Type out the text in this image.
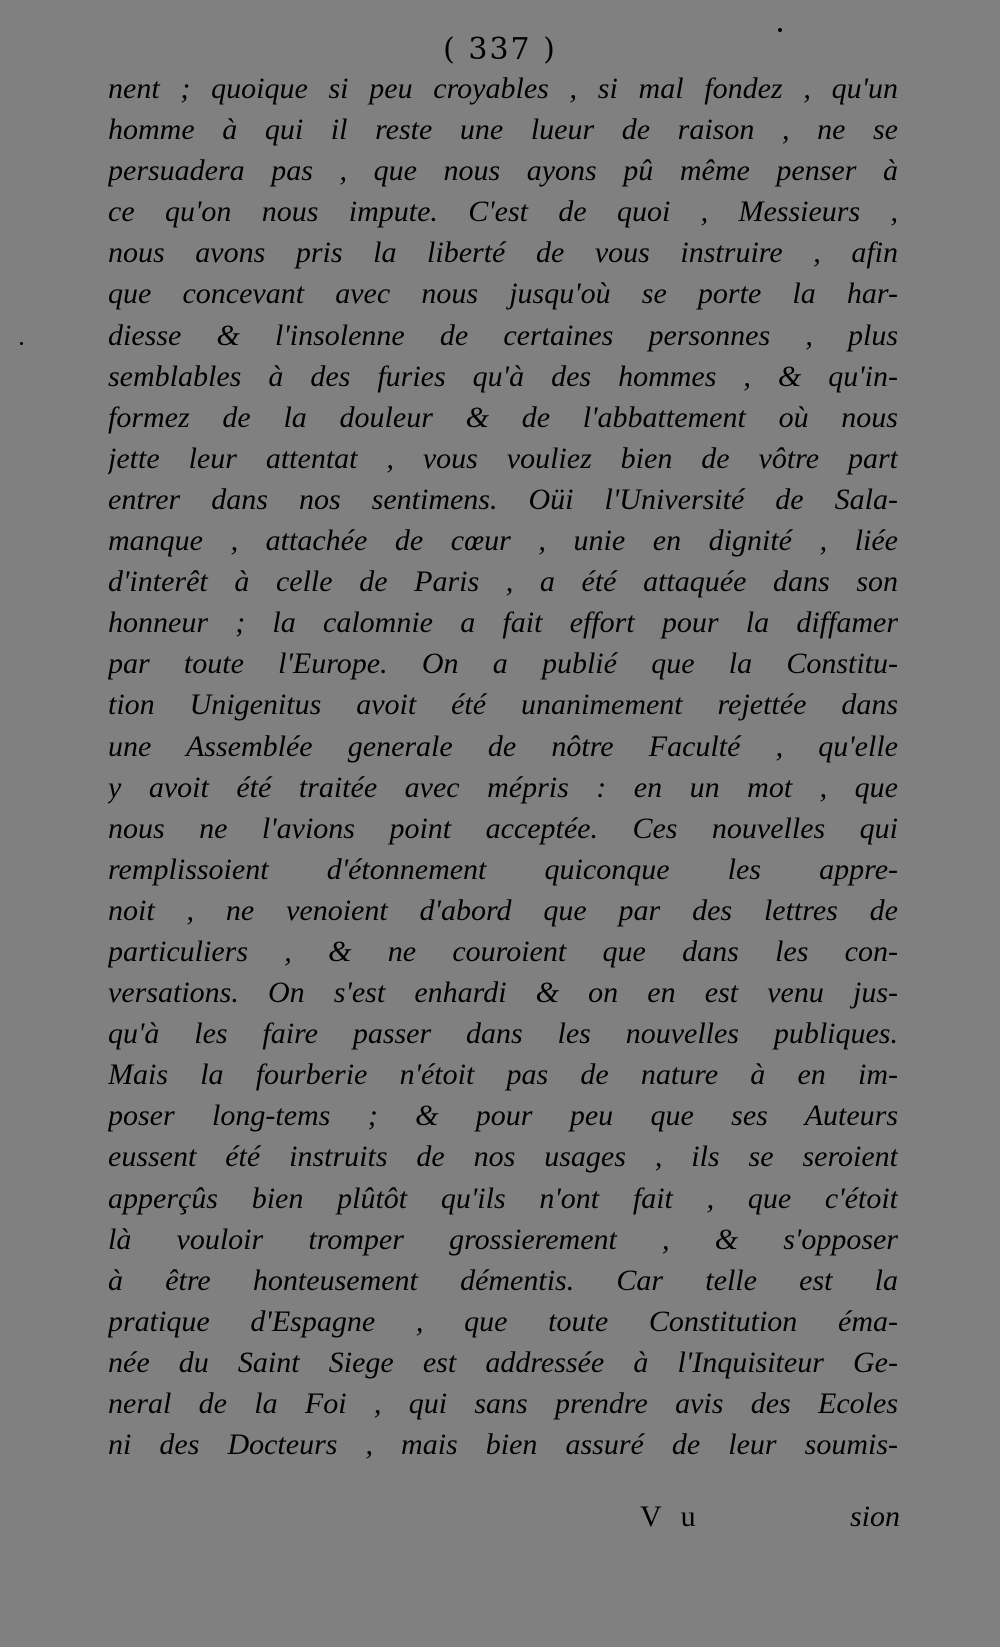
( 337 )
nent ; quoique si peu croyables , si mal fondez , qu'un
homme à qui il reste une lueur de raison , ne se
persuadera pas , que nous ayons pû même penser à
ce qu'on nous impute. C'est de quoi , Messieurs ,
nous avons pris la liberté de vous instruire , afin
que concevant avec nous jusqu'où se porte la har-
diesse & l'insolenne de certaines personnes , plus
semblables à des furies qu'à des hommes , & qu'in-
formez de la douleur & de l'abbattement où nous
jette leur attentat , vous vouliez bien de vôtre part
entrer dans nos sentimens. Oüi l'Université de Sala-
manque , attachée de cœur , unie en dignité , liée
d'interêt à celle de Paris , a été attaquée dans son
honneur ; la calomnie a fait effort pour la diffamer
par toute l'Europe. On a publié que la Constitu-
tion Unigenitus avoit été unanimement rejettée dans
une Assemblée generale de nôtre Faculté , qu'elle
y avoit été traitée avec mépris : en un mot , que
nous ne l'avions point acceptée. Ces nouvelles qui
remplissoient d'étonnement quiconque les appre-
noit , ne venoient d'abord que par des lettres de
particuliers , & ne couroient que dans les con-
versations. On s'est enhardi & on en est venu jus-
qu'à les faire passer dans les nouvelles publiques.
Mais la fourberie n'étoit pas de nature à en im-
poser long-tems ; & pour peu que ses Auteurs
eussent été instruits de nos usages , ils se seroient
apperçûs bien plûtôt qu'ils n'ont fait , que c'étoit
là vouloir tromper grossierement , & s'opposer
à être honteusement démentis. Car telle est la
pratique d'Espagne , que toute Constitution éma-
née du Saint Siege est addressée à l'Inquisiteur Ge-
neral de la Foi , qui sans prendre avis des Ecoles
ni des Docteurs , mais bien assuré de leur soumis-
V u	sion
